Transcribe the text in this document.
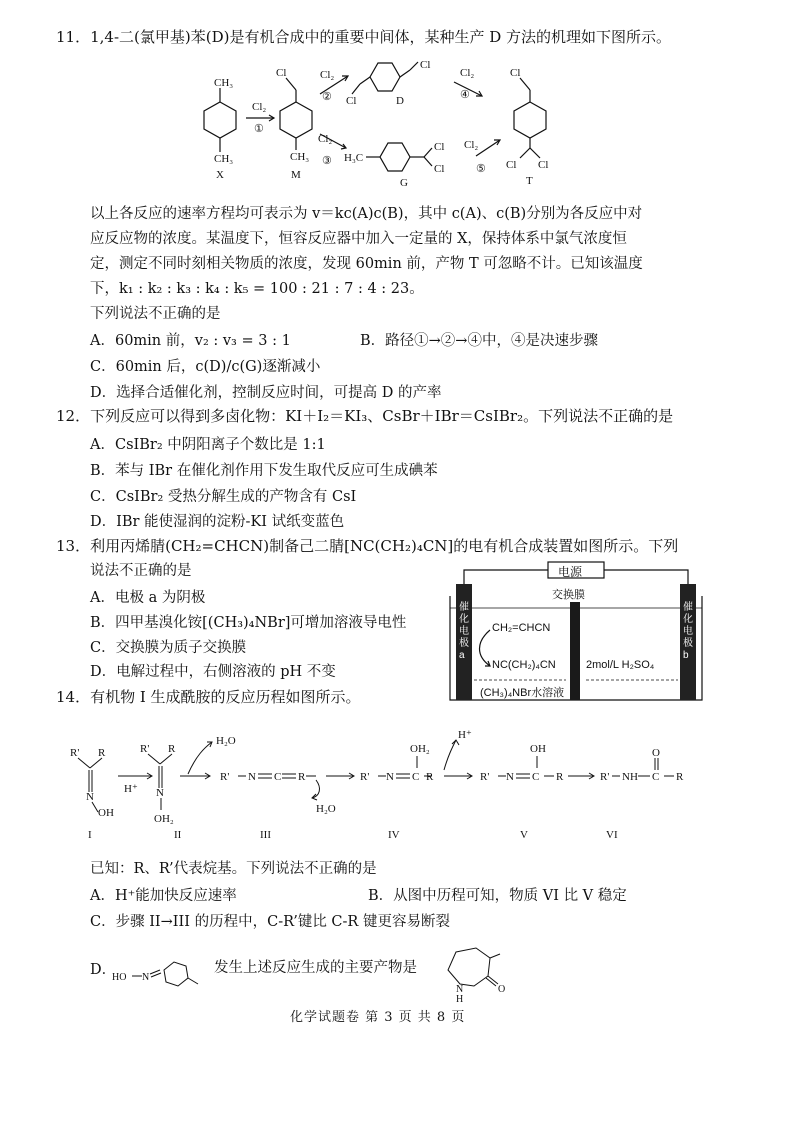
11．1,4-二(氯甲基)苯(D)是有机合成中的重要中间体，某种生产 D 方法的机理如下图所示。
CH₃
CH₃
Cl₂
①
Cl
CH₃
Cl₂
② Cl
Cl
Cl₂
④
Cl₂
③ H₃C
Cl
Cl
Cl₂
⑤
Cl
Cl Cl
X	M
D
G	T
以上各反应的速率方程均可表示为 v＝kc(A)c(B)，其中 c(A)、c(B)分别为各反应中对
应反应物的浓度。某温度下，恒容反应器中加入一定量的 X，保持体系中氯气浓度恒
定，测定不同时刻相关物质的浓度，发现 60min 前，产物 T 可忽略不计。已知该温度
下，k₁ : k₂ : k₃ : k₄ : k₅ = 100 : 21 : 7 : 4 : 23。
下列说法不正确的是
A．60min 前，v₂ : v₃ = 3 : 1	B．路径①→②→④中，④是决速步骤
C．60min 后，c(D)/c(G)逐渐减小
D．选择合适催化剂，控制反应时间，可提高 D 的产率
12．下列反应可以得到多卤化物：KI＋I₂＝KI₃、CsBr＋IBr＝CsIBr₂。下列说法不正确的是
A．CsIBr₂ 中阴阳离子个数比是 1:1
B．苯与 IBr 在催化剂作用下发生取代反应可生成碘苯
C．CsIBr₂ 受热分解生成的产物含有 CsI
D．IBr 能使湿润的淀粉-KI 试纸变蓝色
13．利用丙烯腈(CH₂=CHCN)制备己二腈[NC(CH₂)₄CN]的电有机合成装置如图所示。下列
说法不正确的是
A．电极 a 为阴极
B．四甲基溴化铵[(CH₃)₄NBr]可增加溶液导电性
C．交换膜为质子交换膜
D．电解过程中，右侧溶液的 pH 不变
电源
交换膜
催化电极a
催化电极b
CH₂=CHCN
NC(CH₂)₄CN	2mol/L H₂SO₄
(CH₃)₄NBr水溶液
14．有机物 I 生成酰胺的反应历程如图所示。
R' R
N
OH
H⁺
R' R
N
OH₂
H₂O
R' N C R
H₂O
R' N C R
OH₂
H⁺
R' N C R
OH
R' NH C
O
R
I	II	III	IV	V	VI
已知：R、R’代表烷基。下列说法不正确的是
A．H⁺能加快反应速率	B．从图中历程可知，物质 VI 比 V 稳定
C．步骤 II→III 的历程中，C-R’键比 C-R 键更容易断裂
D．
HO N
发生上述反应生成的主要产物是
N
H
O
化学试题卷 第 3 页 共 8 页
